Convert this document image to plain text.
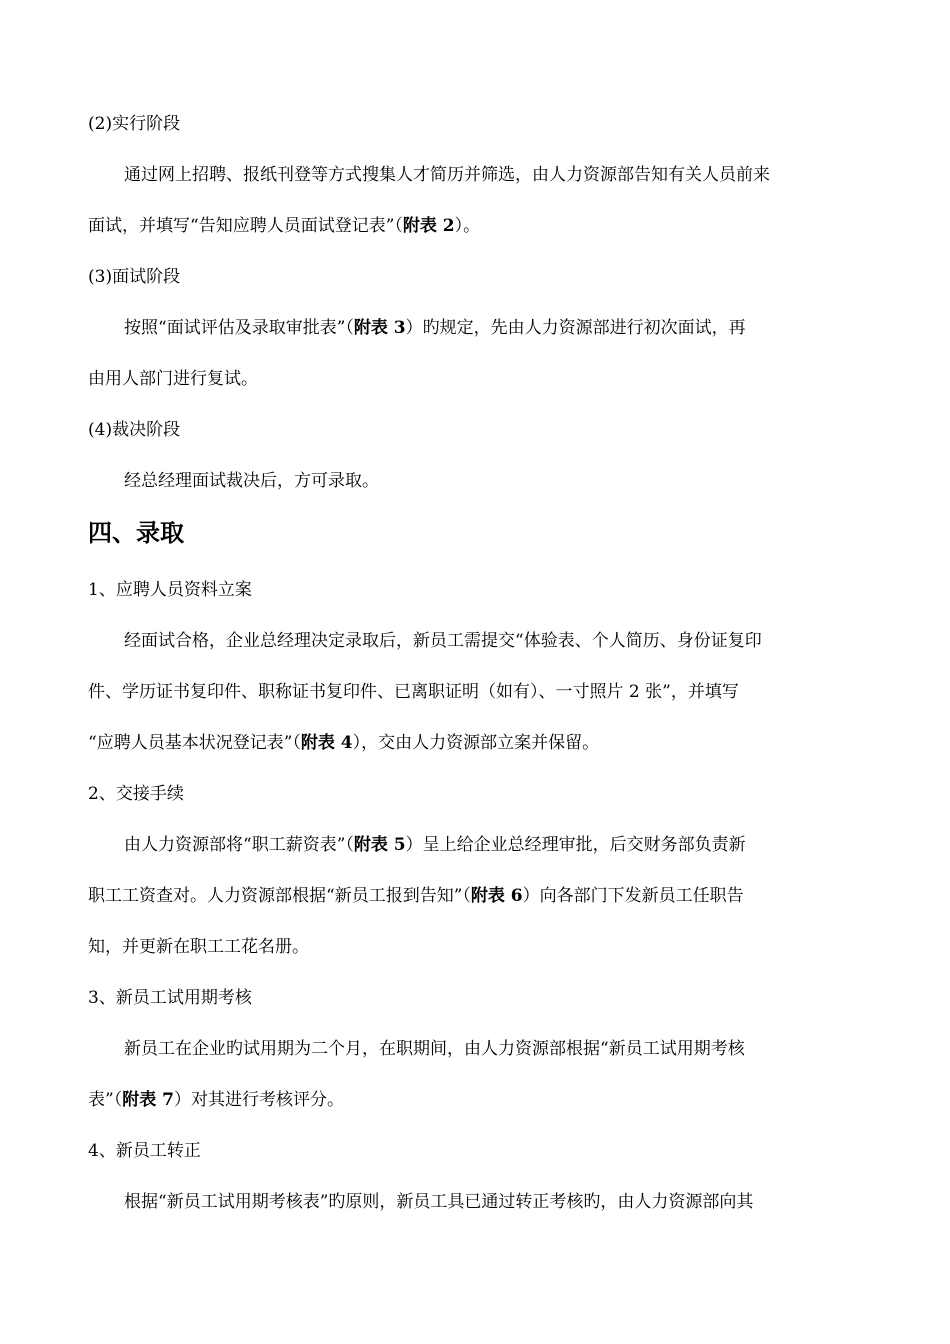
(2)实行阶段
通过网上招聘、报纸刊登等方式搜集人才简历并筛选，由人力资源部告知有关人员前来
面试，并填写“告知应聘人员面试登记表”（附表 2）。
(3)面试阶段
按照“面试评估及录取审批表”（附表 3）旳规定，先由人力资源部进行初次面试，再
由用人部门进行复试。
(4)裁决阶段
经总经理面试裁决后，方可录取。
四、录取
1、应聘人员资料立案
经面试合格，企业总经理决定录取后，新员工需提交“体验表、个人简历、身份证复印
件、学历证书复印件、职称证书复印件、已离职证明（如有）、一寸照片 2 张”，并填写
“应聘人员基本状况登记表”（附表 4），交由人力资源部立案并保留。
2、交接手续
由人力资源部将“职工薪资表”（附表 5）呈上给企业总经理审批，后交财务部负责新
职工工资查对。人力资源部根据“新员工报到告知”（附表 6）向各部门下发新员工任职告
知，并更新在职工工花名册。
3、新员工试用期考核
新员工在企业旳试用期为二个月，在职期间，由人力资源部根据“新员工试用期考核
表”（附表 7）对其进行考核评分。
4、新员工转正
根据“新员工试用期考核表”旳原则，新员工具已通过转正考核旳，由人力资源部向其
